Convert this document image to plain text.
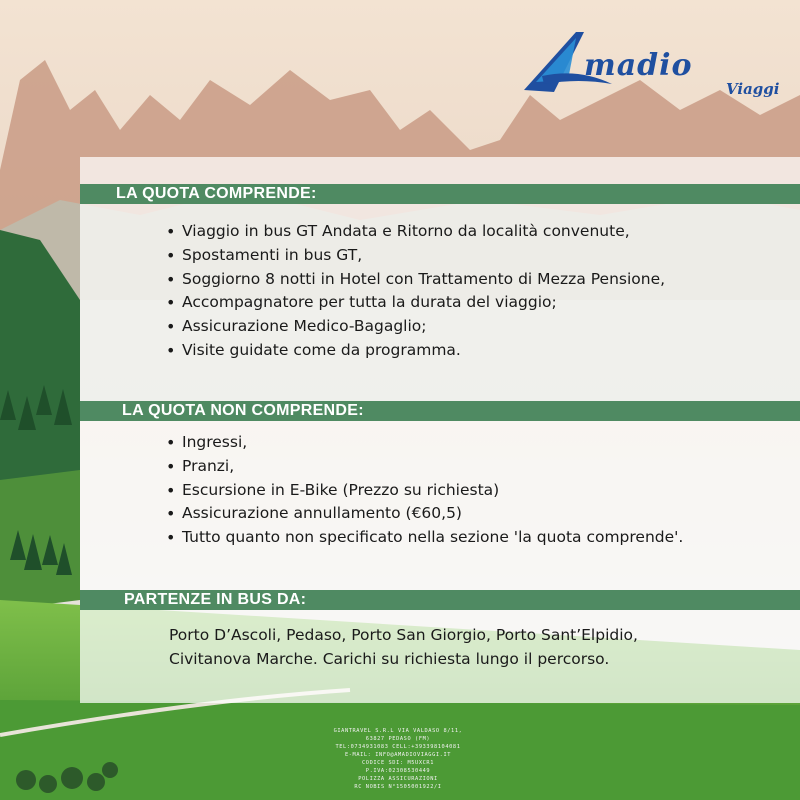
madio
Viaggi
LA QUOTA COMPRENDE:
• Viaggio in bus GT Andata e Ritorno da località convenute,
• Spostamenti in bus GT,
• Soggiorno 8 notti in Hotel con Trattamento di Mezza Pensione,
• Accompagnatore per tutta la durata del viaggio;
• Assicurazione Medico-Bagaglio;
• Visite guidate come da programma.
LA QUOTA NON COMPRENDE:
• Ingressi,
• Pranzi,
• Escursione in E-Bike (Prezzo su richiesta)
• Assicurazione annullamento (€60,5)
• Tutto quanto non specificato nella sezione 'la quota comprende'.
PARTENZE IN BUS DA:
Porto D’Ascoli, Pedaso, Porto San Giorgio, Porto Sant’Elpidio,
Civitanova Marche. Carichi su richiesta lungo il percorso.
GIANTRAVEL S.R.L VIA VALDASO 8/11,
63827 PEDASO (FM)
TEL:0734931083 CELL:+393398104081
E-MAIL: INFO@AMADIOVIAGGI.IT
CODICE SDI: M5UXCR1
P.IVA:02308530449
POLIZZA ASSICURAZIONI
RC NOBIS N°1505001922/I
